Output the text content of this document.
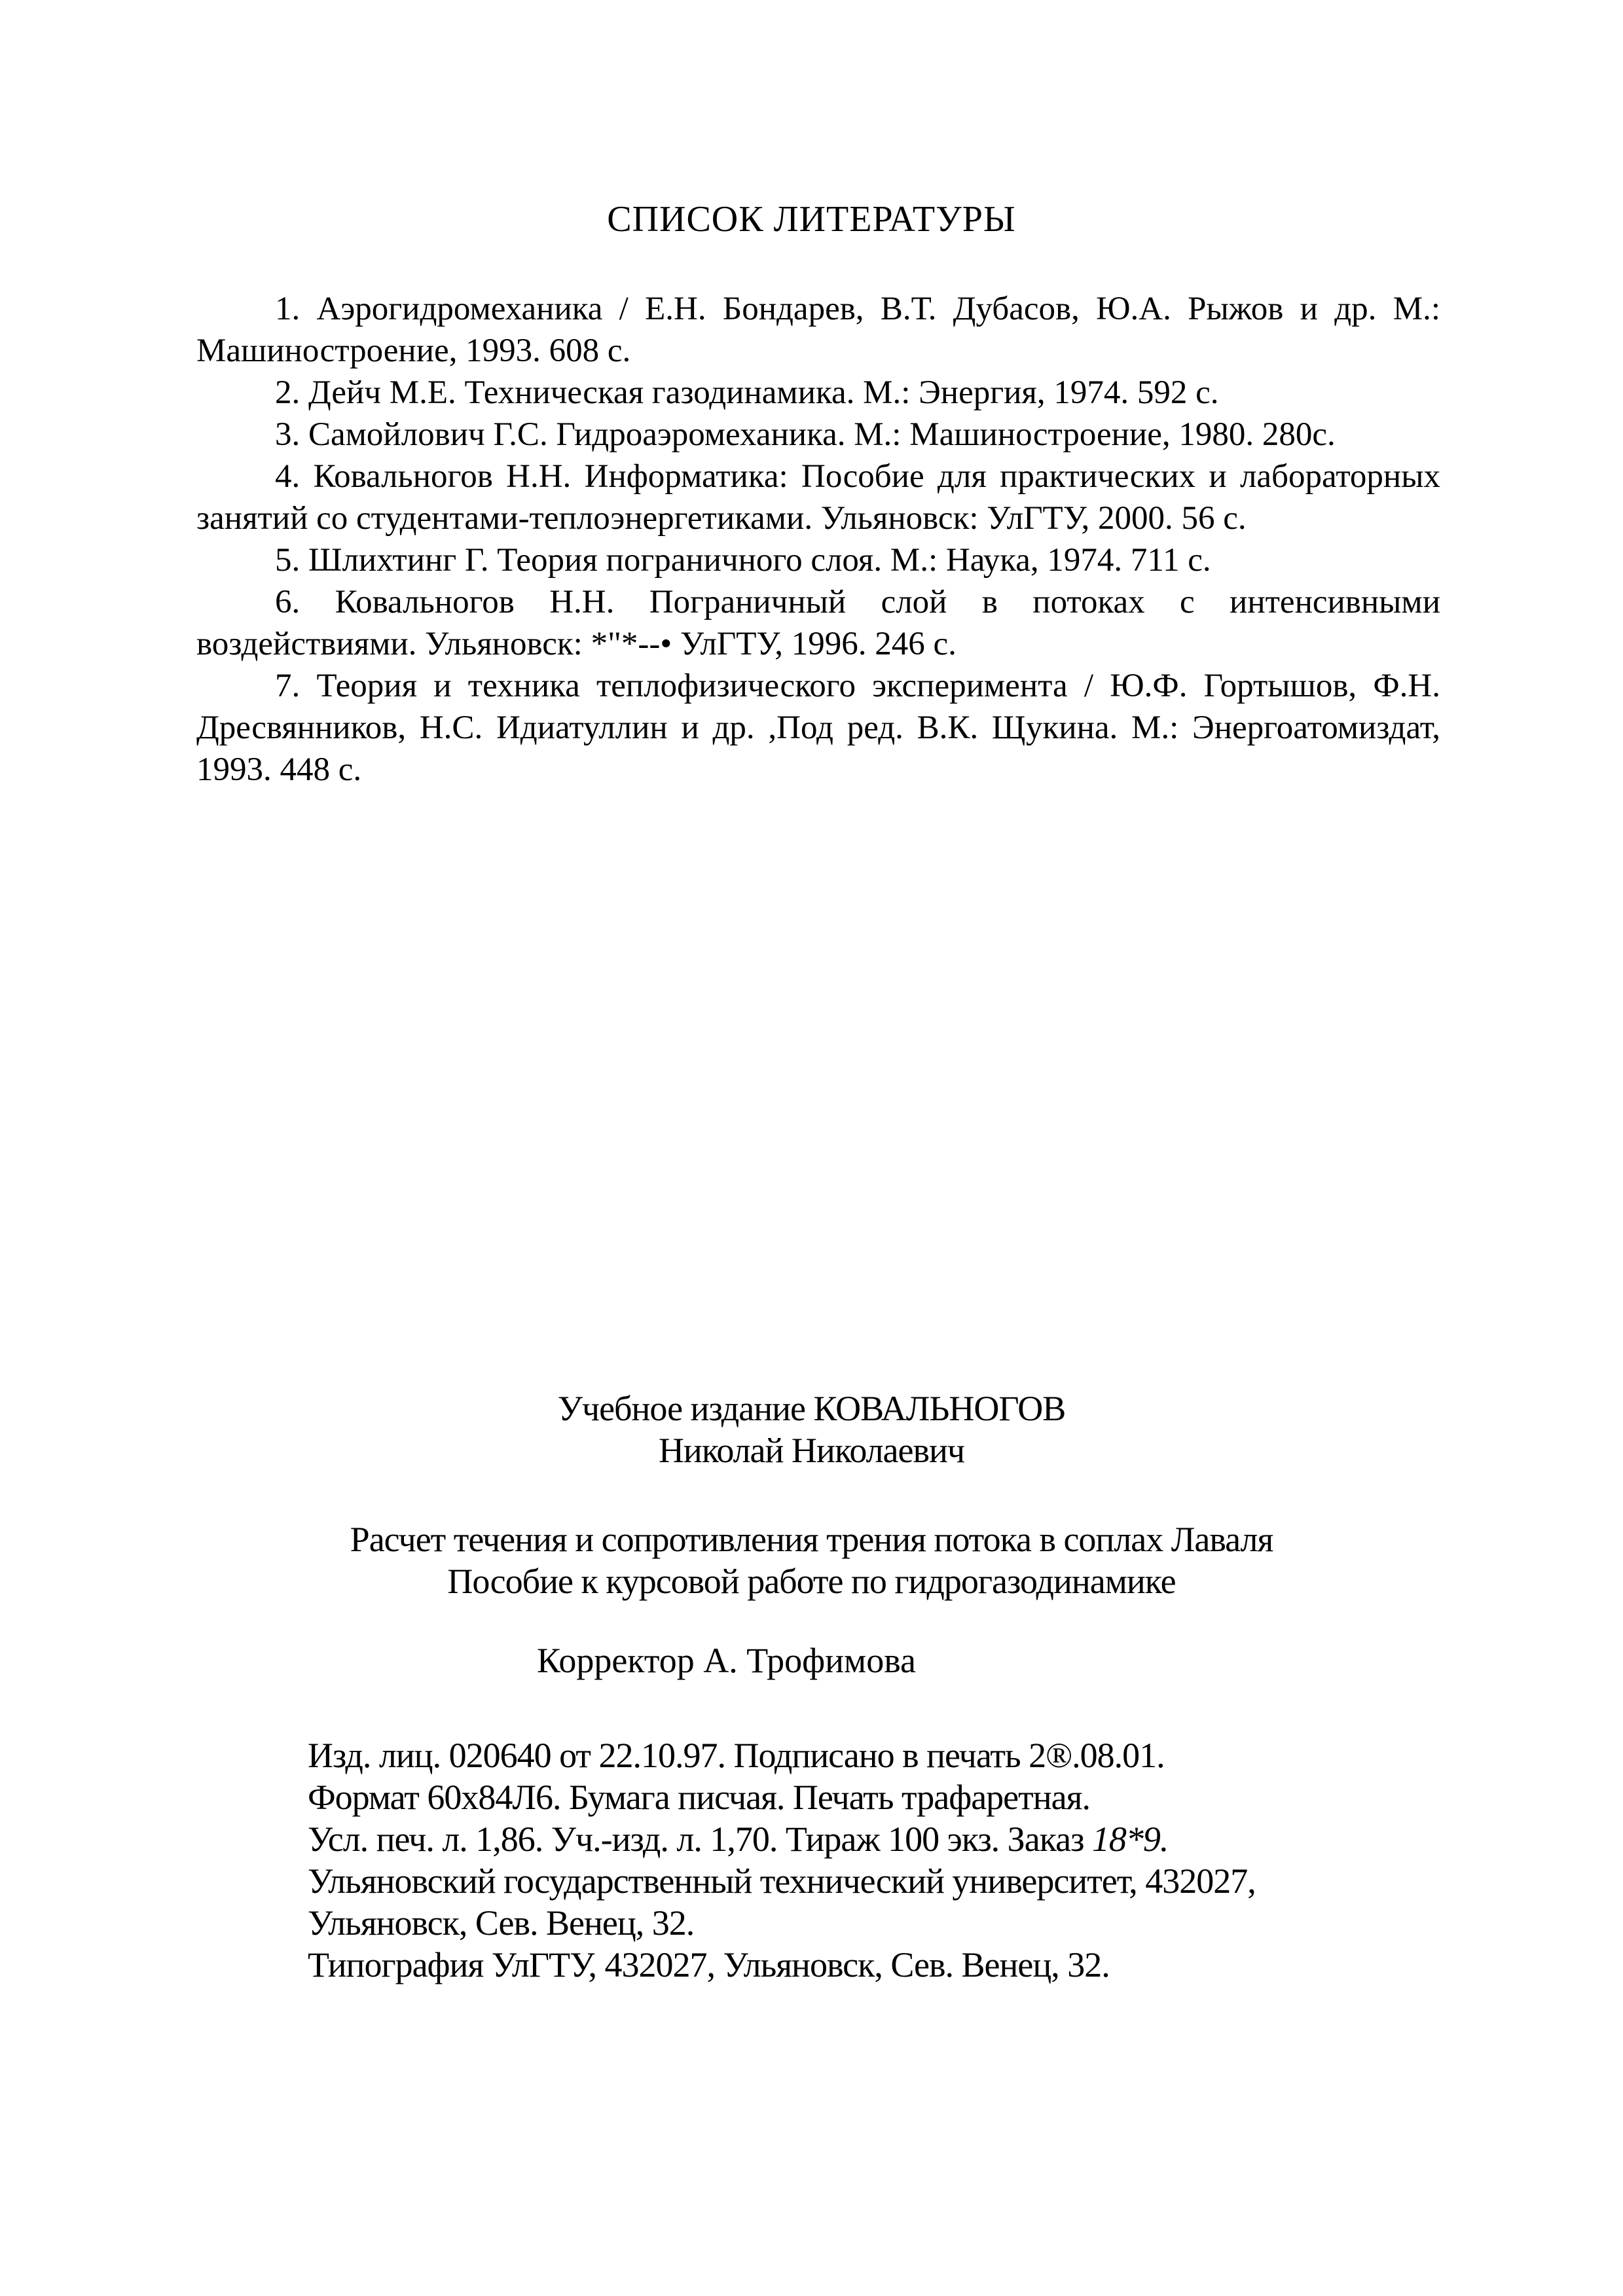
СПИСОК ЛИТЕРАТУРЫ

1. Аэрогидромеханика / Е.Н. Бондарев, В.Т. Дубасов, Ю.А. Рыжов и др. М.: Машиностроение, 1993. 608 с.

2. Дейч М.Е. Техническая газодинамика. М.: Энергия, 1974. 592 с.

3. Самойлович Г.С. Гидроаэромеханика. М.: Машиностроение, 1980. 280с.

4. Ковальногов Н.Н. Информатика: Пособие для практических и лабораторных занятий со студентами-теплоэнергетиками. Ульяновск: УлГТУ, 2000. 56 с.

5. Шлихтинг Г. Теория пограничного слоя. М.: Наука, 1974. 711 с.

6. Ковальногов Н.Н. Пограничный слой в потоках с интенсивными воздействиями. Ульяновск: *"*--• УлГТУ, 1996. 246 с.

7. Теория и техника теплофизического эксперимента / Ю.Ф. Гортышов, Ф.Н. Дресвянников, Н.С. Идиатуллин и др. ,Под ред. В.К. Щукина. М.: Энергоатомиздат, 1993. 448 с.

Учебное издание КОВАЛЬНОГОВ
Николай Николаевич
Расчет течения и сопротивления трения потока в соплах Лаваля
Пособие к курсовой работе по гидрогазодинамике
Корректор А. Трофимова
Изд. лиц. 020640 от 22.10.97. Подписано в печать 2®.08.01.
Формат 60x84Л6. Бумага писчая. Печать трафаретная.
Усл. печ. л. 1,86. Уч.-изд. л. 1,70. Тираж 100 экз. Заказ 18*9.
Ульяновский государственный технический университет, 432027,
Ульяновск, Сев. Венец, 32.
Типография УлГТУ, 432027, Ульяновск, Сев. Венец, 32.
